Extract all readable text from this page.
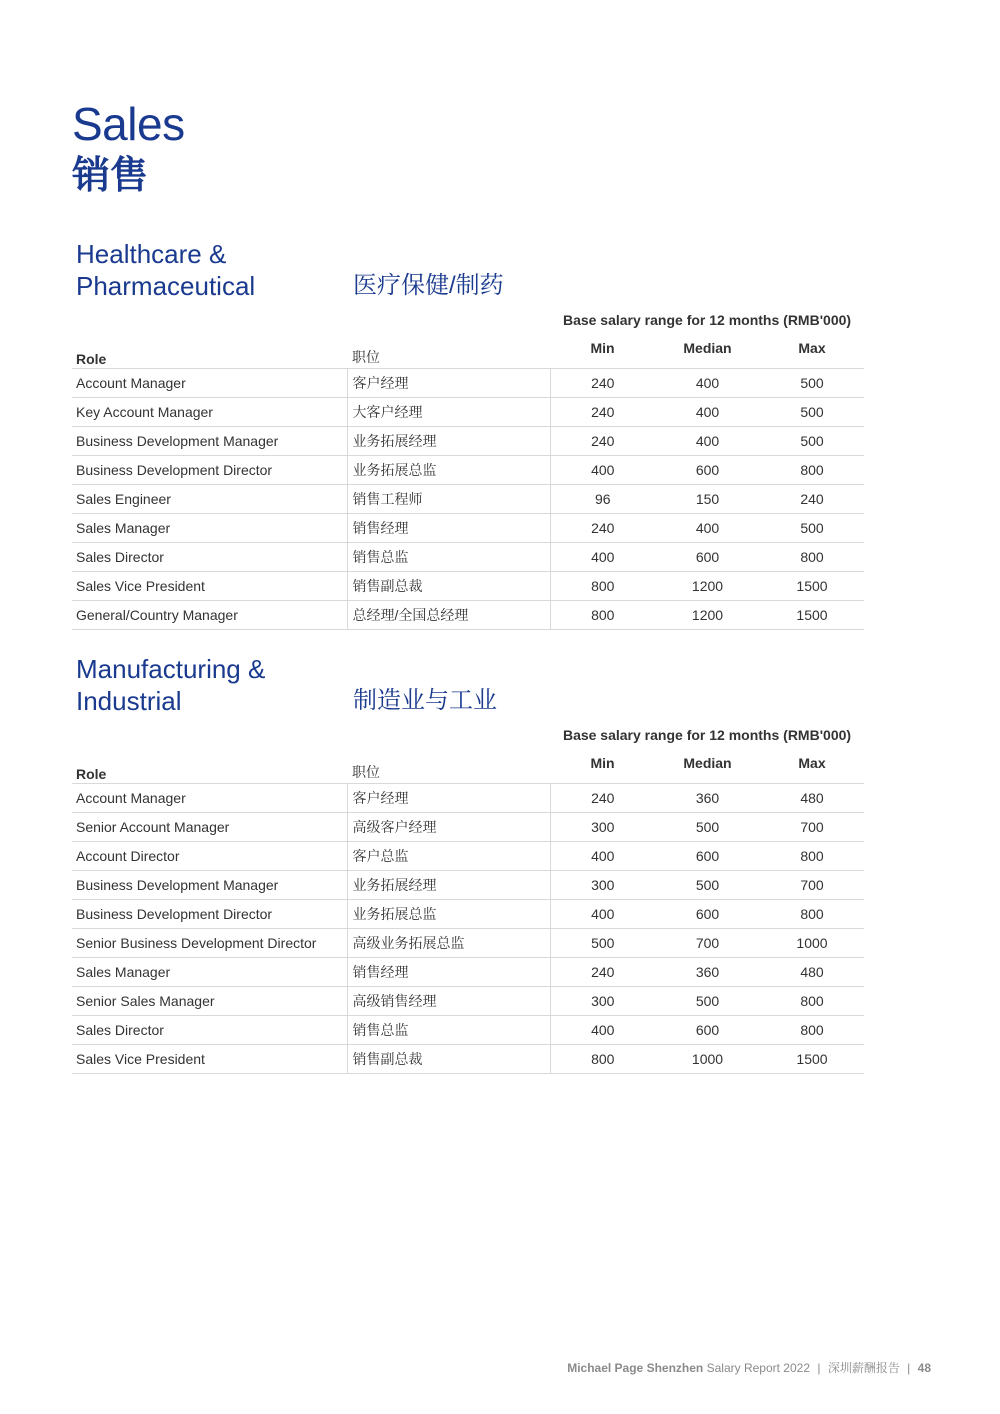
Sales
销售
Healthcare &
Pharmaceutical	医疗保健/制药
Base salary range for 12 months (RMB'000)
Role	职位	Min	Median	Max
Account Manager	客户经理	240	400	500
Key Account Manager	大客户经理	240	400	500
Business Development Manager	业务拓展经理	240	400	500
Business Development Director	业务拓展总监	400	600	800
Sales Engineer	销售工程师	96	150	240
Sales Manager	销售经理	240	400	500
Sales Director	销售总监	400	600	800
Sales Vice President	销售副总裁	800	1200	1500
General/Country Manager	总经理/全国总经理	800	1200	1500
Manufacturing &
Industrial	制造业与工业
Base salary range for 12 months (RMB'000)
Role	职位	Min	Median	Max
Account Manager	客户经理	240	360	480
Senior Account Manager	高级客户经理	300	500	700
Account Director	客户总监	400	600	800
Business Development Manager	业务拓展经理	300	500	700
Business Development Director	业务拓展总监	400	600	800
Senior Business Development Director	高级业务拓展总监	500	700	1000
Sales Manager	销售经理	240	360	480
Senior Sales Manager	高级销售经理	300	500	800
Sales Director	销售总监	400	600	800
Sales Vice President	销售副总裁	800	1000	1500
Michael Page Shenzhen Salary Report 2022 | 深圳薪酬报告 | 48
